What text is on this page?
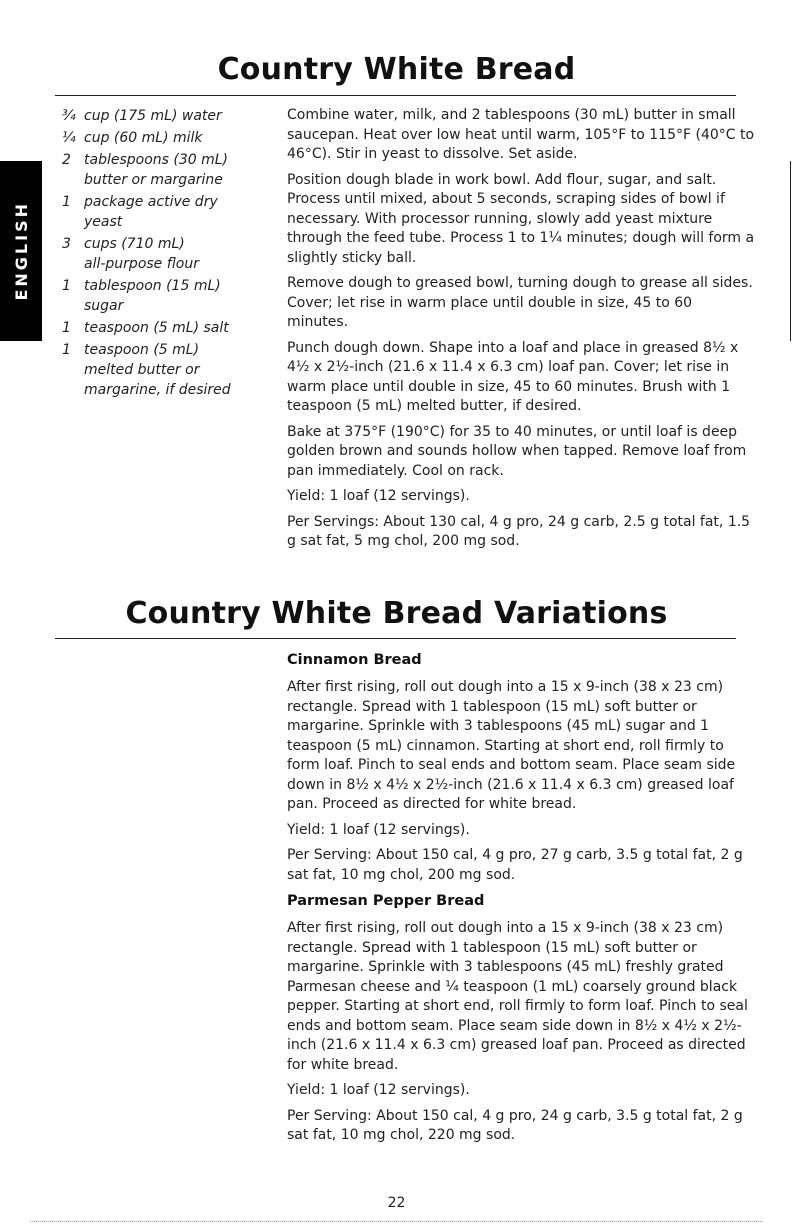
ENGLISH
Country White Bread
¾ cup (175 mL) water
¼ cup (60 mL) milk
2 tablespoons (30 mL)
butter or margarine
1 package active dry
yeast
3 cups (710 mL)
all-purpose flour
1 tablespoon (15 mL)
sugar
1 teaspoon (5 mL) salt
1 teaspoon (5 mL)
melted butter or
margarine, if desired

Combine water, milk, and 2 tablespoons (30 mL) butter in small saucepan. Heat over low heat until warm, 105°F to 115°F (40°C to 46°C). Stir in yeast to dissolve. Set aside.

Position dough blade in work bowl. Add flour, sugar, and salt. Process until mixed, about 5 seconds, scraping sides of bowl if necessary. With processor running, slowly add yeast mixture through the feed tube. Process 1 to 1¼ minutes; dough will form a slightly sticky ball.

Remove dough to greased bowl, turning dough to grease all sides. Cover; let rise in warm place until double in size, 45 to 60 minutes.

Punch dough down. Shape into a loaf and place in greased 8½ x 4½ x 2½-inch (21.6 x 11.4 x 6.3 cm) loaf pan. Cover; let rise in warm place until double in size, 45 to 60 minutes. Brush with 1 teaspoon (5 mL) melted butter, if desired.

Bake at 375°F (190°C) for 35 to 40 minutes, or until loaf is deep golden brown and sounds hollow when tapped. Remove loaf from pan immediately. Cool on rack.

Yield: 1 loaf (12 servings).

Per Servings: About 130 cal, 4 g pro, 24 g carb, 2.5 g total fat, 1.5 g sat fat, 5 mg chol, 200 mg sod.

Country White Bread Variations
Cinnamon Bread

After first rising, roll out dough into a 15 x 9-inch (38 x 23 cm) rectangle. Spread with 1 tablespoon (15 mL) soft butter or margarine. Sprinkle with 3 tablespoons (45 mL) sugar and 1 teaspoon (5 mL) cinnamon. Starting at short end, roll firmly to form loaf. Pinch to seal ends and bottom seam. Place seam side down in 8½ x 4½ x 2½-inch (21.6 x 11.4 x 6.3 cm) greased loaf pan. Proceed as directed for white bread.

Yield: 1 loaf (12 servings).

Per Serving: About 150 cal, 4 g pro, 27 g carb, 3.5 g total fat, 2 g sat fat, 10 mg chol, 200 mg sod.

Parmesan Pepper Bread

After first rising, roll out dough into a 15 x 9-inch (38 x 23 cm) rectangle. Spread with 1 tablespoon (15 mL) soft butter or margarine. Sprinkle with 3 tablespoons (45 mL) freshly grated Parmesan cheese and ¼ teaspoon (1 mL) coarsely ground black pepper. Starting at short end, roll firmly to form loaf. Pinch to seal ends and bottom seam. Place seam side down in 8½ x 4½ x 2½-inch (21.6 x 11.4 x 6.3 cm) greased loaf pan. Proceed as directed for white bread.

Yield: 1 loaf (12 servings).

Per Serving: About 150 cal, 4 g pro, 24 g carb, 3.5 g total fat, 2 g sat fat, 10 mg chol, 220 mg sod.

22
